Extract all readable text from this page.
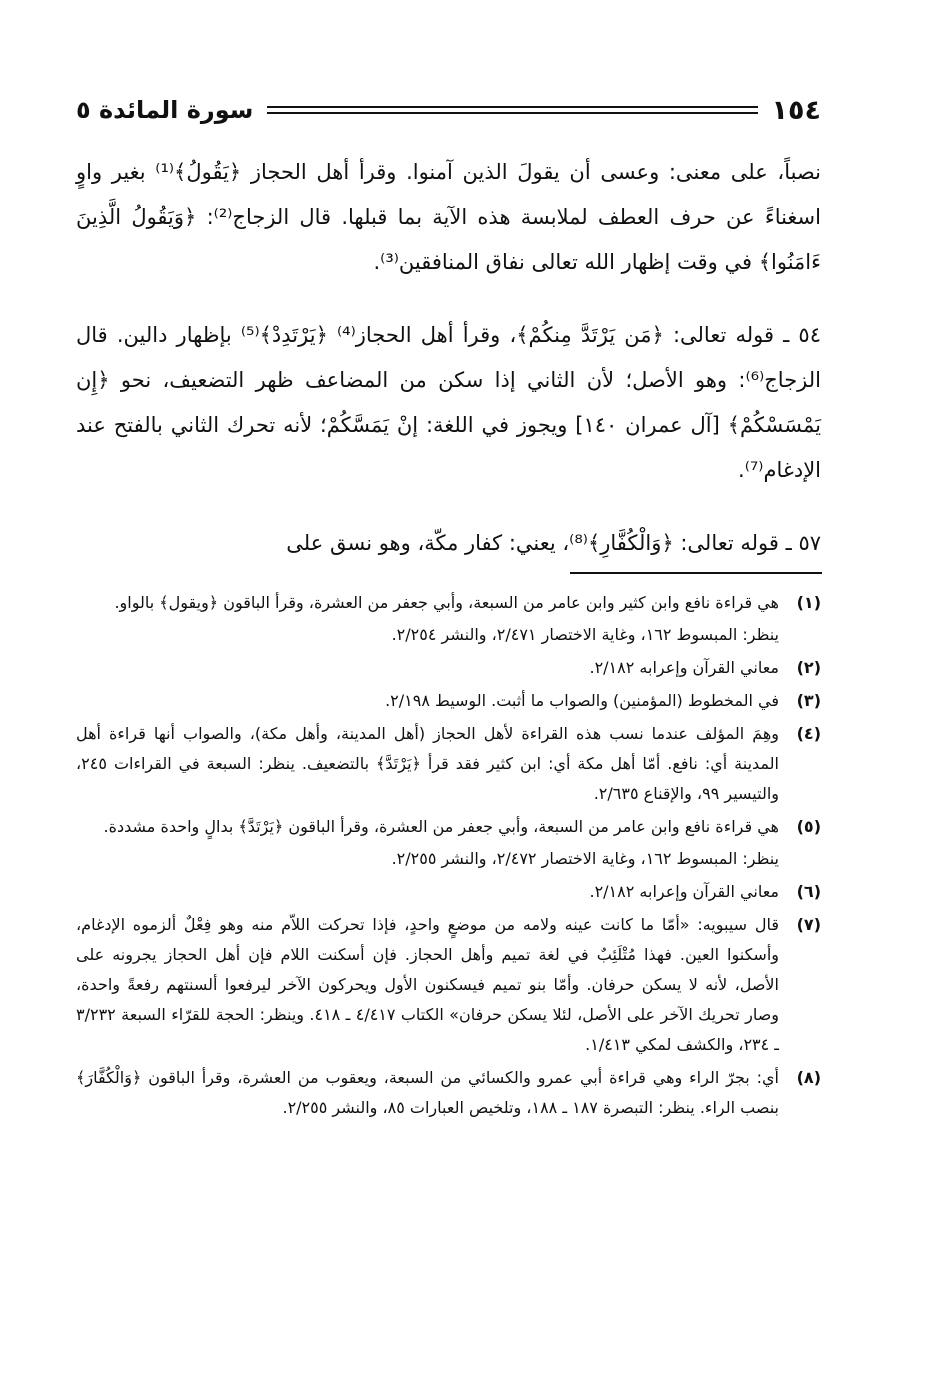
١٥٤
سورة المائدة ٥

نصباً، على معنى: وعسى أن يقولَ الذين آمنوا. وقرأ أهل الحجاز ﴿يَقُولُ﴾⁽¹⁾ بغير واوٍ اسغناءً عن حرف العطف لملابسة هذه الآية بما قبلها. قال الزجاج⁽²⁾: ﴿وَيَقُولُ الَّذِينَ ءَامَنُوا﴾ في وقت إظهار الله تعالى نفاق المنافقين⁽³⁾.

٥٤ ـ قوله تعالى: ﴿مَن يَرْتَدَّ مِنكُمْ﴾، وقرأ أهل الحجاز⁽⁴⁾ ﴿يَرْتَدِدْ﴾⁽⁵⁾ بإظهار دالين. قال الزجاج⁽⁶⁾: وهو الأصل؛ لأن الثاني إذا سكن من المضاعف ظهر التضعيف، نحو ﴿إِن يَمْسَسْكُمْ﴾ [آل عمران ١٤٠] ويجوز في اللغة: إنْ يَمَسَّكُمْ؛ لأنه تحرك الثاني بالفتح عند الإدغام⁽⁷⁾.

٥٧ ـ قوله تعالى: ﴿وَالْكُفَّارِ﴾⁽⁸⁾، يعني: كفار مكّة، وهو نسق على

(١)
هي قراءة نافع وابن كثير وابن عامر من السبعة، وأبي جعفر من العشرة، وقرأ الباقون ﴿ويقول﴾ بالواو.
ينظر: المبسوط ١٦٢، وغاية الاختصار ٢/٤٧١، والنشر ٢/٢٥٤.
(٢)
معاني القرآن وإعرابه ٢/١٨٢.
(٣)
في المخطوط (المؤمنين) والصواب ما أثبت. الوسيط ٢/١٩٨.
(٤)
وهِمَ المؤلف عندما نسب هذه القراءة لأهل الحجاز (أهل المدينة، وأهل مكة)، والصواب أنها قراءة أهل المدينة أي: نافع. أمّا أهل مكة أي: ابن كثير فقد قرأ ﴿يَرْتَدَّ﴾ بالتضعيف. ينظر: السبعة في القراءات ٢٤٥، والتيسير ٩٩، والإقناع ٢/٦٣٥.
(٥)
هي قراءة نافع وابن عامر من السبعة، وأبي جعفر من العشرة، وقرأ الباقون ﴿يَرْتَدَّ﴾ بدالٍ واحدة مشددة.
ينظر: المبسوط ١٦٢، وغاية الاختصار ٢/٤٧٢، والنشر ٢/٢٥٥.
(٦)
معاني القرآن وإعرابه ٢/١٨٢.
(٧)
قال سيبويه: «أمّا ما كانت عينه ولامه من موضعٍ واحدٍ، فإذا تحركت اللاّم منه وهو فِعْلٌ ألزموه الإدغام، وأسكنوا العين. فهذا مُتْلَئِبٌ في لغة تميم وأهل الحجاز. فإن أسكنت اللام فإن أهل الحجاز يجرونه على الأصل، لأنه لا يسكن حرفان. وأمّا بنو تميم فيسكنون الأول ويحركون الآخر ليرفعوا ألسنتهم رفعةً واحدة، وصار تحريك الآخر على الأصل، لئلا يسكن حرفان» الكتاب ٤/٤١٧ ـ ٤١٨. وينظر: الحجة للقرّاء السبعة ٣/٢٣٢ ـ ٢٣٤، والكشف لمكي ١/٤١٣.
(٨)
أي: بجرّ الراء وهي قراءة أبي عمرو والكسائي من السبعة، ويعقوب من العشرة، وقرأ الباقون ﴿وَالْكُفَّارَ﴾ بنصب الراء. ينظر: التبصرة ١٨٧ ـ ١٨٨، وتلخيص العبارات ٨٥، والنشر ٢/٢٥٥.
